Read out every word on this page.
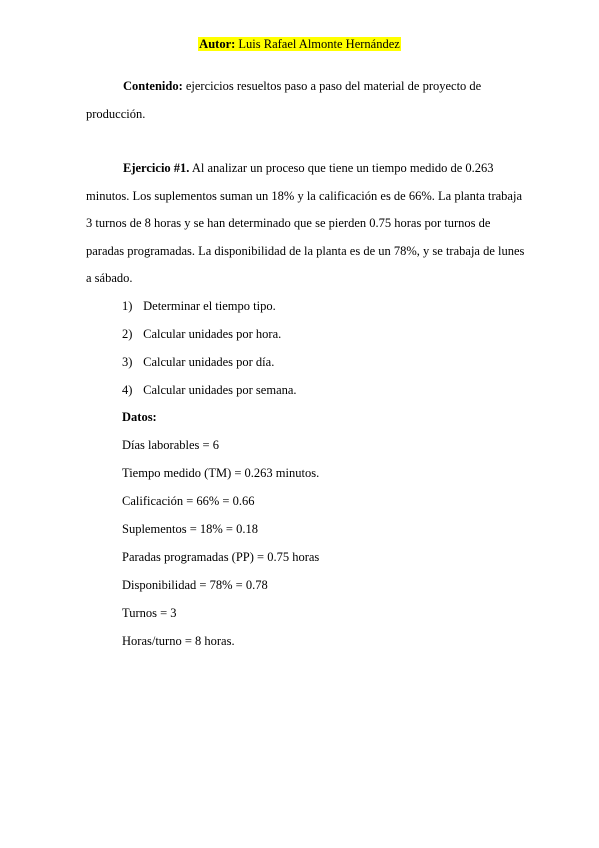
Autor: Luis Rafael Almonte Hernández
Contenido: ejercicios resueltos paso a paso del material de proyecto de producción.
Ejercicio #1. Al analizar un proceso que tiene un tiempo medido de 0.263 minutos. Los suplementos suman un 18% y la calificación es de 66%. La planta trabaja 3 turnos de 8 horas y se han determinado que se pierden 0.75 horas por turnos de paradas programadas. La disponibilidad de la planta es de un 78%, y se trabaja de lunes a sábado.
1) Determinar el tiempo tipo.
2) Calcular unidades por hora.
3) Calcular unidades por día.
4) Calcular unidades por semana.
Datos:
Días laborables = 6
Tiempo medido (TM) = 0.263 minutos.
Calificación = 66% = 0.66
Suplementos = 18% = 0.18
Paradas programadas (PP) = 0.75 horas
Disponibilidad = 78% = 0.78
Turnos = 3
Horas/turno = 8 horas.
